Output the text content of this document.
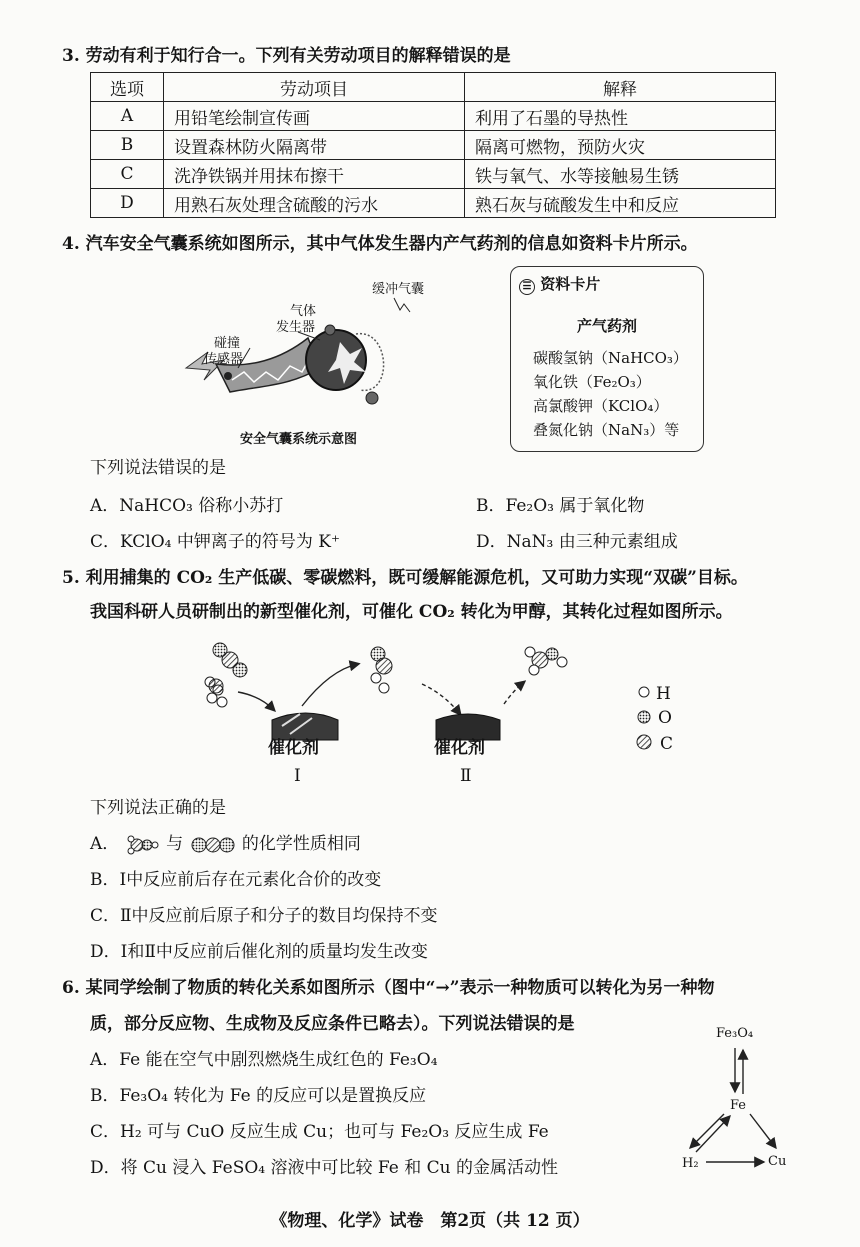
3. 劳动有利于知行合一。下列有关劳动项目的解释错误的是
选项	劳动项目	解释
A	用铅笔绘制宣传画	利用了石墨的导热性
B	设置森林防火隔离带	隔离可燃物，预防火灾
C	洗净铁锅并用抹布擦干	铁与氧气、水等接触易生锈
D	用熟石灰处理含硫酸的污水	熟石灰与硫酸发生中和反应
4. 汽车安全气囊系统如图所示，其中气体发生器内产气药剂的信息如资料卡片所示。
缓冲气囊
气体
发生器
碰撞
传感器
安全气囊系统示意图
☰ 资料卡片
产气药剂
碳酸氢钠（NaHCO₃）
氧化铁（Fe₂O₃）
高氯酸钾（KClO₄）
叠氮化钠（NaN₃）等
下列说法错误的是
A．NaHCO₃ 俗称小苏打	B．Fe₂O₃ 属于氧化物
C．KClO₄ 中钾离子的符号为 K⁺	D．NaN₃ 由三种元素组成
5. 利用捕集的 CO₂ 生产低碳、零碳燃料，既可缓解能源危机，又可助力实现“双碳”目标。
我国科研人员研制出的新型催化剂，可催化 CO₂ 转化为甲醇，其转化过程如图所示。
催化剂	催化剂
Ⅰ	Ⅱ
H
O
C
下列说法正确的是
A．	与	的化学性质相同
B．Ⅰ中反应前后存在元素化合价的改变
C．Ⅱ中反应前后原子和分子的数目均保持不变
D．Ⅰ和Ⅱ中反应前后催化剂的质量均发生改变
6. 某同学绘制了物质的转化关系如图所示（图中“→”表示一种物质可以转化为另一种物
质，部分反应物、生成物及反应条件已略去）。下列说法错误的是
A．Fe 能在空气中剧烈燃烧生成红色的 Fe₃O₄
B．Fe₃O₄ 转化为 Fe 的反应可以是置换反应
C．H₂ 可与 CuO 反应生成 Cu；也可与 Fe₂O₃ 反应生成 Fe
D．将 Cu 浸入 FeSO₄ 溶液中可比较 Fe 和 Cu 的金属活动性
Fe₃O₄
Fe
H₂	Cu
《物理、化学》试卷　第2页（共 12 页）
